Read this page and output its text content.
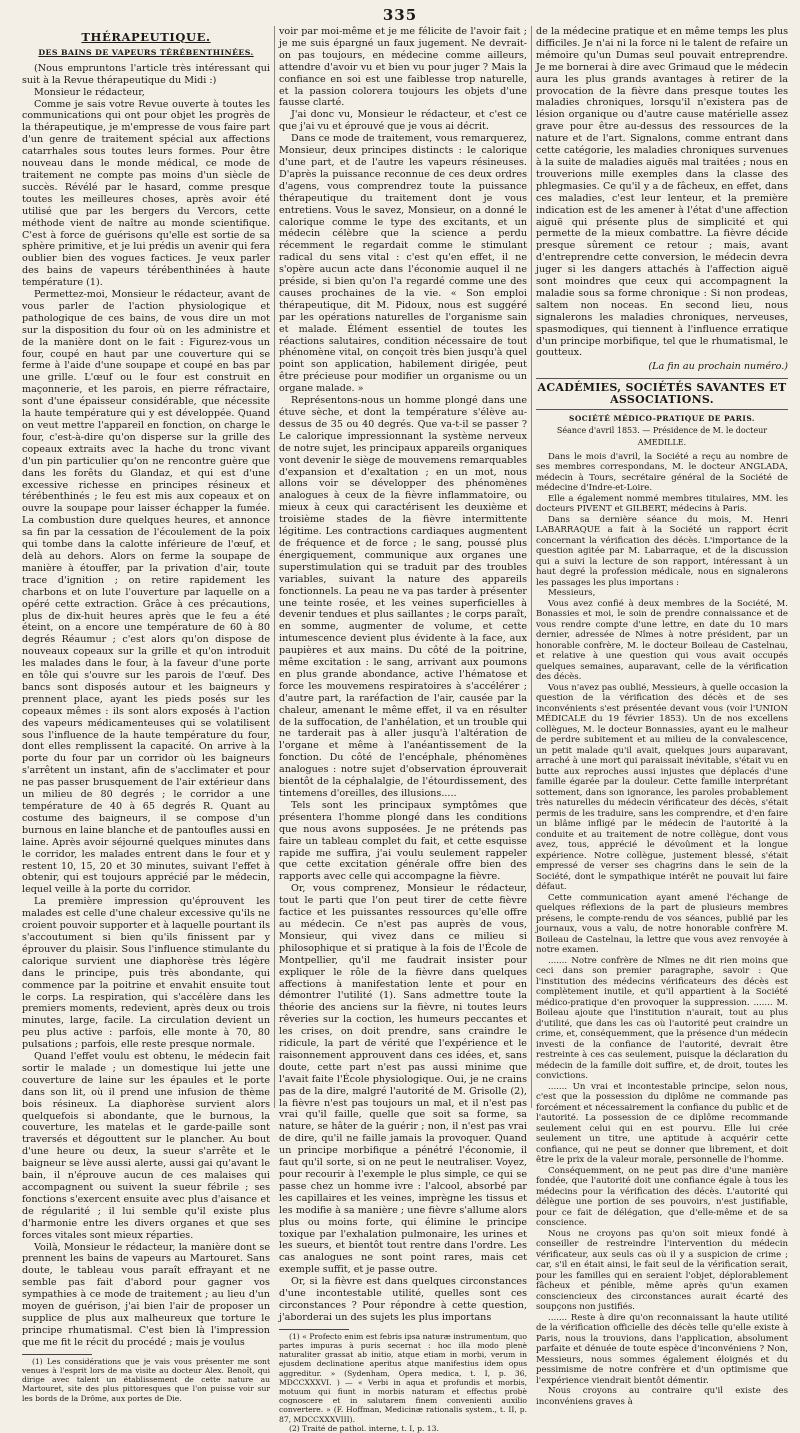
335
THÉRAPEUTIQUE.
DES BAINS DE VAPEURS TÉRÉBENTHINÉES.

(Nous empruntons l'article très intéressant qui suit à la Revue thérapeutique du Midi :)

Monsieur le rédacteur,

Comme je sais votre Revue ouverte à toutes les communications qui ont pour objet les progrès de la thérapeutique, je m'empresse de vous faire part d'un genre de traitement spécial aux affections catarrhales sous toutes leurs formes. Pour être nouveau dans le monde médical, ce mode de traitement ne compte pas moins d'un siècle de succès. Révélé par le hasard, comme presque toutes les meilleures choses, après avoir été utilisé que par les bergers du Vercors, cette méthode vient de naître au monde scientifique. C'est à force de guérisons qu'elle est sortie de sa sphère primitive, et je lui prédis un avenir qui fera oublier bien des vogues factices. Je veux parler des bains de vapeurs térébenthinées à haute température (1).

Permettez-moi, Monsieur le rédacteur, avant de vous parler de l'action physiologique et pathologique de ces bains, de vous dire un mot sur la disposition du four où on les administre et de la manière dont on le fait : Figurez-vous un four, coupé en haut par une couverture qui se ferme à l'aide d'une soupape et coupé en bas par une grille. L'œuf ou le four est construit en maçonnerie, et les parois, en pierre réfractaire, sont d'une épaisseur considérable, que nécessite la haute température qui y est développée. Quand on veut mettre l'appareil en fonction, on charge le four, c'est-à-dire qu'on disperse sur la grille des copeaux extraits avec la hache du tronc vivant d'un pin particulier qu'on ne rencontre guère que dans les forêts du Glandaz, et qui est d'une excessive richesse en principes résineux et térébenthinés ; le feu est mis aux copeaux et on ouvre la soupape pour laisser échapper la fumée. La combustion dure quelques heures, et annonce sa fin par la cessation de l'écoulement de la poix qui tombe dans la calotte inférieure de l'œuf, et delà au dehors. Alors on ferme la soupape de manière à étouffer, par la privation d'air, toute trace d'ignition ; on retire rapidement les charbons et on lute l'ouverture par laquelle on a opéré cette extraction. Grâce à ces précautions, plus de dix-huit heures après que le feu a été éteint, on a encore une température de 60 à 80 degrés Réaumur ; c'est alors qu'on dispose de nouveaux copeaux sur la grille et qu'on introduit les malades dans le four, à la faveur d'une porte en tôle qui s'ouvre sur les parois de l'œuf. Des bancs sont disposés autour et les baigneurs y prennent place, ayant les pieds posés sur les copeaux mêmes : ils sont alors exposés à l'action des vapeurs médicamenteuses qui se volatilisent sous l'influence de la haute température du four, dont elles remplissent la capacité. On arrive à la porte du four par un corridor où les baigneurs s'arrêtent un instant, afin de s'acclimater et pour ne pas passer brusquement de l'air extérieur dans un milieu de 80 degrés ; le corridor a une température de 40 à 65 degrés R. Quant au costume des baigneurs, il se compose d'un burnous en laine blanche et de pantoufles aussi en laine. Après avoir séjourné quelques minutes dans le corridor, les malades entrent dans le four et y restent 10, 15, 20 et 30 minutes, suivant l'effet à obtenir, qui est toujours apprécié par le médecin, lequel veille à la porte du corridor.

La première impression qu'éprouvent les malades est celle d'une chaleur excessive qu'ils ne croient pouvoir supporter et à laquelle pourtant ils s'accoutument si bien qu'ils finissent par y éprouver du plaisir. Sous l'influence stimulante du calorique survient une diaphorèse très légère dans le principe, puis très abondante, qui commence par la poitrine et envahit ensuite tout le corps. La respiration, qui s'accélère dans les premiers moments, redevient, après deux ou trois minutes, large, facile. La circulation devient un peu plus active : parfois, elle monte à 70, 80 pulsations ; parfois, elle reste presque normale.

Quand l'effet voulu est obtenu, le médecin fait sortir le malade ; un domestique lui jette une couverture de laine sur les épaules et le porte dans son lit, où il prend une infusion de thème bois résineux. La diaphorèse survient alors quelquefois si abondante, que le burnous, la couverture, les matelas et le garde-paille sont traversés et dégouttent sur le plancher. Au bout d'une heure ou deux, la sueur s'arrête et le baigneur se lève aussi alerte, aussi gai qu'avant le bain, il n'éprouve aucun de ces malaises qui accompagnent ou suivent la sueur fébrile ; ses fonctions s'exercent ensuite avec plus d'aisance et de régularité ; il lui semble qu'il existe plus d'harmonie entre les divers organes et que ses forces vitales sont mieux réparties.

Voilà, Monsieur le rédacteur, la manière dont se prennent les bains de vapeurs au Martouret. Sans doute, le tableau vous paraît effrayant et ne semble pas fait d'abord pour gagner vos sympathies à ce mode de traitement ; au lieu d'un moyen de guérison, j'ai bien l'air de proposer un supplice de plus aux malheureux que torture le principe rhumatismal. C'est bien là l'impression que me fit le récit du procédé ; mais je voulus

(1) Les considérations que je vais vous présenter me sont venues à l'esprit lors de ma visite au docteur Alex. Benoît, qui dirige avec talent un établissement de cette nature au Martouret, site des plus pittoresques que l'on puisse voir sur les bords de la Drôme, aux portes de Die.

voir par moi-même et je me félicite de l'avoir fait ; je me suis épargné un faux jugement. Ne devrait-on pas toujours, en médecine comme ailleurs, attendre d'avoir vu et bien vu pour juger ? Mais la confiance en soi est une faiblesse trop naturelle, et la passion colorera toujours les objets d'une fausse clarté.

J'ai donc vu, Monsieur le rédacteur, et c'est ce que j'ai vu et éprouvé que je vous ai décrit.

Dans ce mode de traitement, vous remarquerez, Monsieur, deux principes distincts : le calorique d'une part, et de l'autre les vapeurs résineuses. D'après la puissance reconnue de ces deux ordres d'agens, vous comprendrez toute la puissance thérapeutique du traitement dont je vous entretiens. Vous le savez, Monsieur, on a donné le calorique comme le type des excitants, et un médecin célèbre que la science a perdu récemment le regardait comme le stimulant radical du sens vital : c'est qu'en effet, il ne s'opère aucun acte dans l'économie auquel il ne préside, si bien qu'on l'a regardé comme une des causes prochaines de la vie. « Son emploi thérapeutique, dit M. Pidoux, nous est suggéré par les opérations naturelles de l'organisme sain et malade. Élément essentiel de toutes les réactions salutaires, condition nécessaire de tout phénomène vital, on conçoit très bien jusqu'à quel point son application, habilement dirigée, peut être précieuse pour modifier un organisme ou un organe malade. »

Représentons-nous un homme plongé dans une étuve sèche, et dont la température s'élève au-dessus de 35 ou 40 degrés. Que va-t-il se passer ? Le calorique impressionnant la système nerveux de notre sujet, les principaux appareils organiques vont devenir le siège de mouvemens remarquables d'expansion et d'exaltation ; en un mot, nous allons voir se développer des phénomènes analogues à ceux de la fièvre inflammatoire, ou mieux à ceux qui caractérisent les deuxième et troisième stades de la fièvre intermittente légitime. Les contractions cardiaques augmentent de fréquence et de force ; le sang, poussé plus énergiquement, communique aux organes une superstimulation qui se traduit par des troubles variables, suivant la nature des appareils fonctionnels. La peau ne va pas tarder à présenter une teinte rosée, et les veines superficielles à devenir tendues et plus saillantes ; le corps paraît, en somme, augmenter de volume, et cette intumescence devient plus évidente à la face, aux paupières et aux mains. Du côté de la poitrine, même excitation : le sang, arrivant aux poumons en plus grande abondance, active l'hématose et force les mouvemens respiratoires à s'accélérer ; d'autre part, la raréfaction de l'air, causée par la chaleur, amenant le même effet, il va en résulter de la suffocation, de l'anhélation, et un trouble qui ne tarderait pas à aller jusqu'à l'altération de l'organe et même à l'anéantissement de la fonction. Du côté de l'encéphale, phénomènes analogues : notre sujet d'observation éprouverait bientôt de la céphalalgie, de l'étourdissement, des tintemens d'oreilles, des illusions.....

Tels sont les principaux symptômes que présentera l'homme plongé dans les conditions que nous avons supposées. Je ne prétends pas faire un tableau complet du fait, et cette esquisse rapide me suffira, j'ai voulu seulement rappeler que cette excitation générale offre bien des rapports avec celle qui accompagne la fièvre.

Or, vous comprenez, Monsieur le rédacteur, tout le parti que l'on peut tirer de cette fièvre factice et les puissantes ressources qu'elle offre au médecin. Ce n'est pas auprès de vous, Monsieur, qui vivez dans ce milieu si philosophique et si pratique à la fois de l'École de Montpellier, qu'il me faudrait insister pour expliquer le rôle de la fièvre dans quelques affections à manifestation lente et pour en démontrer l'utilité (1). Sans admettre toute la théorie des anciens sur la fièvre, ni toutes leurs rêveries sur la coction, les humeurs peccantes et les crises, on doit prendre, sans craindre le ridicule, la part de vérité que l'expérience et le raisonnement approuvent dans ces idées, et, sans doute, cette part n'est pas aussi minime que l'avait faite l'École physiologique. Oui, je ne crains pas de la dire, malgré l'autorité de M. Grisolle (2), la fièvre n'est pas toujours un mal, et il n'est pas vrai qu'il faille, quelle que soit sa forme, sa nature, se hâter de la guérir ; non, il n'est pas vrai de dire, qu'il ne faille jamais la provoquer. Quand un principe morbifique a pénétré l'économie, il faut qu'il sorte, si on ne peut le neutraliser. Voyez, pour recourir à l'exemple le plus simple, ce qui se passe chez un homme ivre : l'alcool, absorbé par les capillaires et les veines, imprègne les tissus et les modifie à sa manière ; une fièvre s'allume alors plus ou moins forte, qui élimine le principe toxique par l'exhalation pulmonaire, les urines et les sueurs, et bientôt tout rentre dans l'ordre. Les cas analogues ne sont point rares, mais cet exemple suffit, et je passe outre.

Or, si la fièvre est dans quelques circonstances d'une incontestable utilité, quelles sont ces circonstances ? Pour répondre à cette question, j'aborderai un des sujets les plus importans

(1) « Profecto enim est febris ipsa naturæ instrumentum, quo partes impuras à puris secernat : hoc illa modo plenè naturaliter grassat ab initio, atque etiam in morbi, verum in ejusdem declinatione aperitus atque manifestius idem opus aggreditur. » (Sydenham, Opera medica, t. I, p. 36, MDCCXXXVI. ) — « Verbi in aqua et profundis et morbis, motuum qui fiunt in morbis naturam et effectus probè cognoscere et in salutarem finem convenienti auxilio convertere. » (F. Hoffman, Medicinæ rationalis system., t. II, p. 87, MDCCXXXVIII).

(2) Traité de pathol. interne, t. I, p. 13.

de la médecine pratique et en même temps les plus difficiles. Je n'ai ni la force ni le talent de refaire un mémoire qu'un Dumas seul pouvait entreprendre. Je me bornerai à dire avec Grimaud que le médecin aura les plus grands avantages à retirer de la provocation de la fièvre dans presque toutes les maladies chroniques, lorsqu'il n'existera pas de lésion organique ou d'autre cause matérielle assez grave pour être au-dessus des ressources de la nature et de l'art. Signalons, comme entrant dans cette catégorie, les maladies chroniques survenues à la suite de maladies aiguës mal traitées ; nous en trouverions mille exemples dans la classe des phlegmasies. Ce qu'il y a de fâcheux, en effet, dans ces maladies, c'est leur lenteur, et la première indication est de les amener à l'état d'une affection aiguë qui présente plus de simplicité et qui permette de la mieux combattre. La fièvre décide presque sûrement ce retour ; mais, avant d'entreprendre cette conversion, le médecin devra juger si les dangers attachés à l'affection aiguë sont moindres que ceux qui accompagnent la maladie sous sa forme chronique : Si non prodeas, saltem non noceas. En second lieu, nous signalerons les maladies chroniques, nerveuses, spasmodiques, qui tiennent à l'influence erratique d'un principe morbifique, tel que le rhumatismal, le goutteux.

(La fin au prochain numéro.)
ACADÉMIES, SOCIÉTÉS SAVANTES ET ASSOCIATIONS.
SOCIÉTÉ MÉDICO-PRATIQUE DE PARIS.
Séance d'avril 1853. — Présidence de M. le docteur AMEDILLE.

Dans le mois d'avril, la Société a reçu au nombre de ses membres correspondans, M. le docteur ANGLADA, médecin à Tours, secrétaire général de la Société de médecine d'Indre-et-Loire.

Elle a également nommé membres titulaires, MM. les docteurs PIVENT et GILBERT, médecins à Paris.

Dans sa dernière séance du mois, M. Henri LABARRAQUE a fait à la Société un rapport écrit concernant la vérification des décès. L'importance de la question agitée par M. Labarraque, et de la discussion qui a suivi la lecture de son rapport, intéressant à un haut degré la profession médicale, nous en signalerons les passages les plus importans :

Messieurs,

Vous avez confié à deux membres de la Société, M. Bonassies et moi, le soin de prendre connaissance et de vous rendre compte d'une lettre, en date du 10 mars dernier, adressée de Nîmes à notre président, par un honorable confrère, M. le docteur Boileau de Castelnau, et relative à une question qui vous avait occupés quelques semaines, auparavant, celle de la vérification des décès.

Vous n'avez pas oublié, Messieurs, à quelle occasion la question de la vérification des décès et de ses inconvénients s'est présentée devant vous (voir l'UNION MÉDICALE du 19 février 1853). Un de nos excellens collègues, M. le docteur Bonnassies, ayant eu le malheur de perdre subitement et au milieu de la convalescence, un petit malade qu'il avait, quelques jours auparavant, arraché à une mort qui paraissait inévitable, s'était vu en butte aux reproches aussi injustes que déplacés d'une famille égarée par la douleur. Cette famille interprétant sottement, dans son ignorance, les paroles probablement très naturelles du médecin vérificateur des décès, s'était permis de les traduire, sans les comprendre, et d'en faire un blâme infligé par le médecin de l'autorité à la conduite et au traitement de notre collègue, dont vous avez, tous, apprécié le dévoûment et la longue expérience. Notre collègue, justement blessé, s'était empressé de verser ses chagrins dans le sein de la Société, dont le sympathique intérêt ne pouvait lui faire défaut.

Cette communication ayant amené l'échange de quelques réflexions de la part de plusieurs membres présens, le compte-rendu de vos séances, publié par les journaux, vous a valu, de notre honorable confrère M. Boileau de Castelnau, la lettre que vous avez renvoyée à notre examen.

....... Notre confrère de Nîmes ne dit rien moins que ceci dans son premier paragraphe, savoir : Que l'institution des médecins vérificateurs des décès est complètement inutile, et qu'il appartient à la Société médico-pratique d'en provoquer la suppression. ....... M. Boileau ajoute que l'institution n'aurait, tout au plus d'utilité, que dans les cas où l'autorité peut craindre un crime, et, conséquemment, que la présence d'un médecin investi de la confiance de l'autorité, devrait être restreinte à ces cas seulement, puisque la déclaration du médecin de la famille doit suffire, et, de droit, toutes les convictions.

....... Un vrai et incontestable principe, selon nous, c'est que la possession du diplôme ne commande pas forcément et nécessairement la confiance du public et de l'autorité. La possession de ce diplôme recommande seulement celui qui en est pourvu. Elle lui crée seulement un titre, une aptitude à acquérir cette confiance, qui ne peut se donner que librement, et doit être le prix de la valeur morale, personnelle de l'homme.

Conséquemment, on ne peut pas dire d'une manière fondée, que l'autorité doit une confiance égale à tous les médecins pour la vérification des décès. L'autorité qui délègue une portion de ses pouvoirs, n'est justifiable, pour ce fait de délégation, que d'elle-même et de sa conscience.

Nous ne croyons pas qu'on soit mieux fondé à conseiller de restreindre l'intervention du médecin vérificateur, aux seuls cas où il y a suspicion de crime ; car, s'il en était ainsi, le fait seul de la vérification serait, pour les familles qui en seraient l'objet, déplorablement fâcheux et pénible, même après qu'un examen consciencieux des circonstances aurait écarté des soupçons non justifiés.

....... Reste à dire qu'on reconnaissant la haute utilité de la vérification officielle des décès telle qu'elle existe à Paris, nous la trouvions, dans l'application, absolument parfaite et dénuée de toute espèce d'inconvéniens ? Non, Messieurs, nous sommes également éloignés et du pessimisme de notre confrère et d'un optimisme que l'expérience viendrait bientôt démentir.

Nous croyons au contraire qu'il existe des inconvéniens graves à
